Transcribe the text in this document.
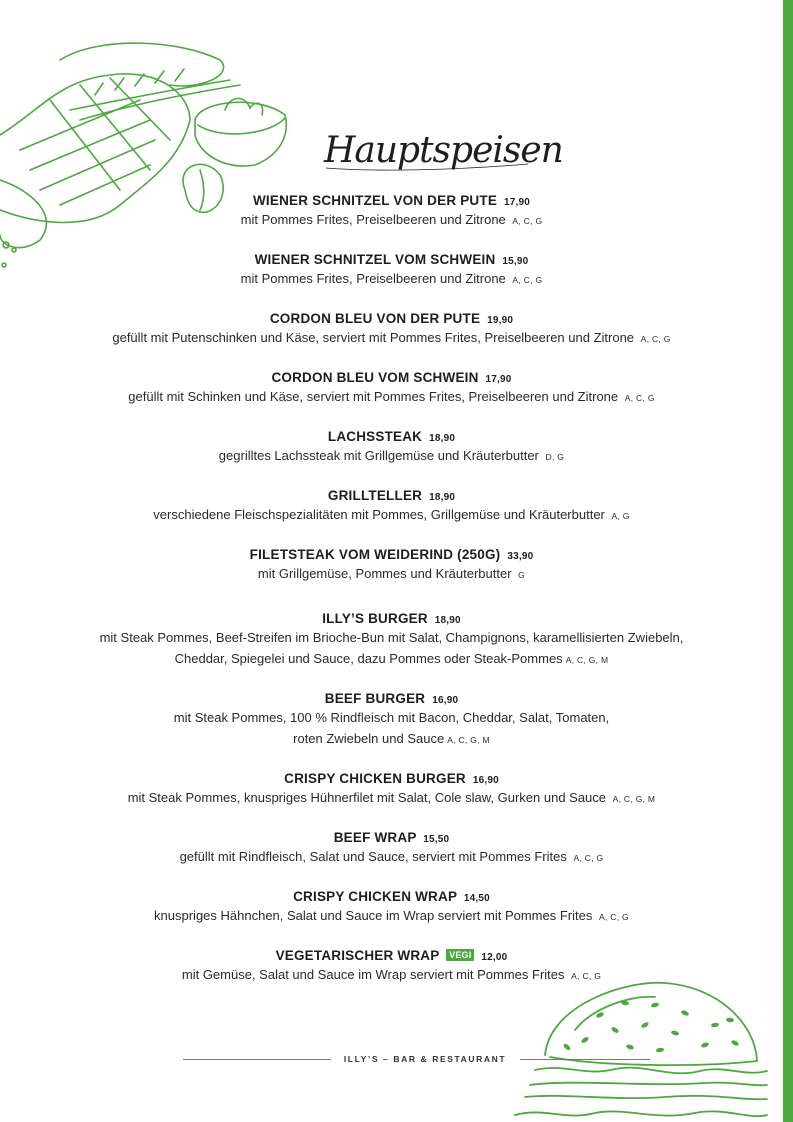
Hauptspeisen
WIENER SCHNITZEL VON DER PUTE 17,90
mit Pommes Frites, Preiselbeeren und Zitrone A, C, G
WIENER SCHNITZEL VOM SCHWEIN 15,90
mit Pommes Frites, Preiselbeeren und Zitrone A, C, G
CORDON BLEU VON DER PUTE 19,90
gefüllt mit Putenschinken und Käse, serviert mit Pommes Frites, Preiselbeeren und Zitrone A, C, G
CORDON BLEU VOM SCHWEIN 17,90
gefüllt mit Schinken und Käse, serviert mit Pommes Frites, Preiselbeeren und Zitrone A, C, G
LACHSSTEAK 18,90
gegrilltes Lachssteak mit Grillgemüse und Kräuterbutter D, G
GRILLTELLER 18,90
verschiedene Fleischspezialitäten mit Pommes, Grillgemüse und Kräuterbutter A, G
FILETSTEAK VOM WEIDERIND (250G) 33,90
mit Grillgemüse, Pommes und Kräuterbutter G
ILLY’S BURGER 18,90
mit Steak Pommes, Beef-Streifen im Brioche-Bun mit Salat, Champignons, karamellisierten Zwiebeln,
Cheddar, Spiegelei und Sauce, dazu Pommes oder Steak-Pommes A, C, G, M
BEEF BURGER 16,90
mit Steak Pommes, 100 % Rindfleisch mit Bacon, Cheddar, Salat, Tomaten,
roten Zwiebeln und Sauce A, C, G, M
CRISPY CHICKEN BURGER 16,90
mit Steak Pommes, knuspriges Hühnerfilet mit Salat, Cole slaw, Gurken und Sauce A, C, G, M
BEEF WRAP 15,50
gefüllt mit Rindfleisch, Salat und Sauce, serviert mit Pommes Frites A, C, G
CRISPY CHICKEN WRAP 14,50
knuspriges Hähnchen, Salat und Sauce im Wrap serviert mit Pommes Frites A, C, G
VEGETARISCHER WRAP VEGI 12,00
mit Gemüse, Salat und Sauce im Wrap serviert mit Pommes Frites A, C, G
ILLY’S – BAR & RESTAURANT
